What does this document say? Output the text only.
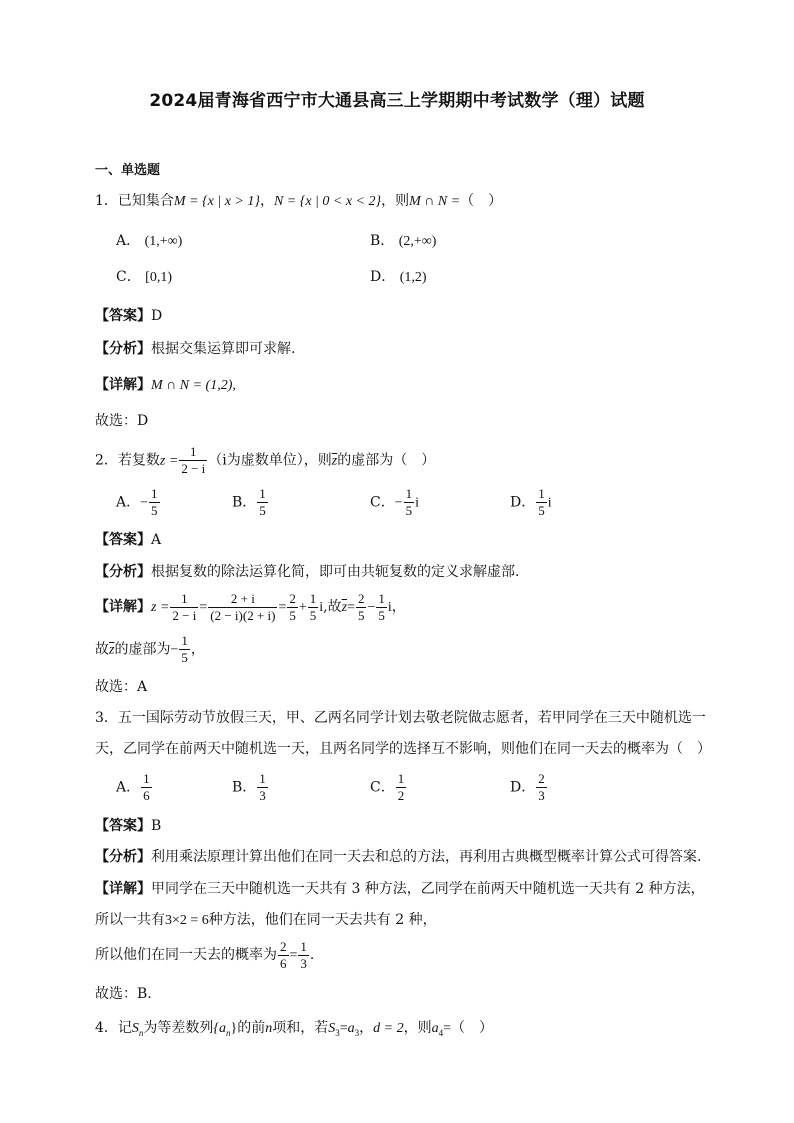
2024届青海省西宁市大通县高三上学期期中考试数学（理）试题
一、单选题
1．已知集合M = {x | x > 1}，N = {x | 0 < x < 2}，则M ∩ N =（　）
A． (1,+∞)	B． (2,+∞)
C． [0,1)	D． (1,2)
【答案】D
【分析】根据交集运算即可求解.
【详解】M ∩ N = (1,2),
故选：D
2．若复数$z = \frac{1}{2 - i} (i$为虚数单位），则$\overline{z}$的虚部为（　）
A．− $\frac{1}{5}$	B． $\frac{1}{5}$	C．− $\frac{1}{5}$ i	D． $\frac{1}{5}$ i
【答案】A
【分析】根据复数的除法运算化简，即可由共轭复数的定义求解虚部.
【详解】$z = \frac{1}{2 - i} = \frac{2 + i}{(2 - i)(2 + i)} = \frac{2}{5} + \frac{1}{5} i$,故$\overline{z}= \frac{2}{5} - \frac{1}{5}$ i，
故$\overline{z}$的虚部为− $\frac{1}{5}$ ，
故选：A
3．五一国际劳动节放假三天，甲、乙两名同学计划去敬老院做志愿者，若甲同学在三天中随机选一
天，乙同学在前两天中随机选一天，且两名同学的选择互不影响，则他们在同一天去的概率为（　）
A． $\frac{1}{6}$	B． $\frac{1}{3}$	C． $\frac{1}{2}$	D． $\frac{2}{3}$
【答案】B
【分析】利用乘法原理计算出他们在同一天去和总的方法，再利用古典概型概率计算公式可得答案.
【详解】甲同学在三天中随机选一天共有 3 种方法，乙同学在前两天中随机选一天共有 2 种方法，
所以一共有3×2 = 6种方法，他们在同一天去共有 2 种，
所以他们在同一天去的概率为 $\frac{2}{6} = \frac{1}{3}$ .
故选：B.
4．记$S_n$为等差数列$\{a_n\}$的前n项和，若$S_3=a_3$，d = 2，则$a_4=$（　）
